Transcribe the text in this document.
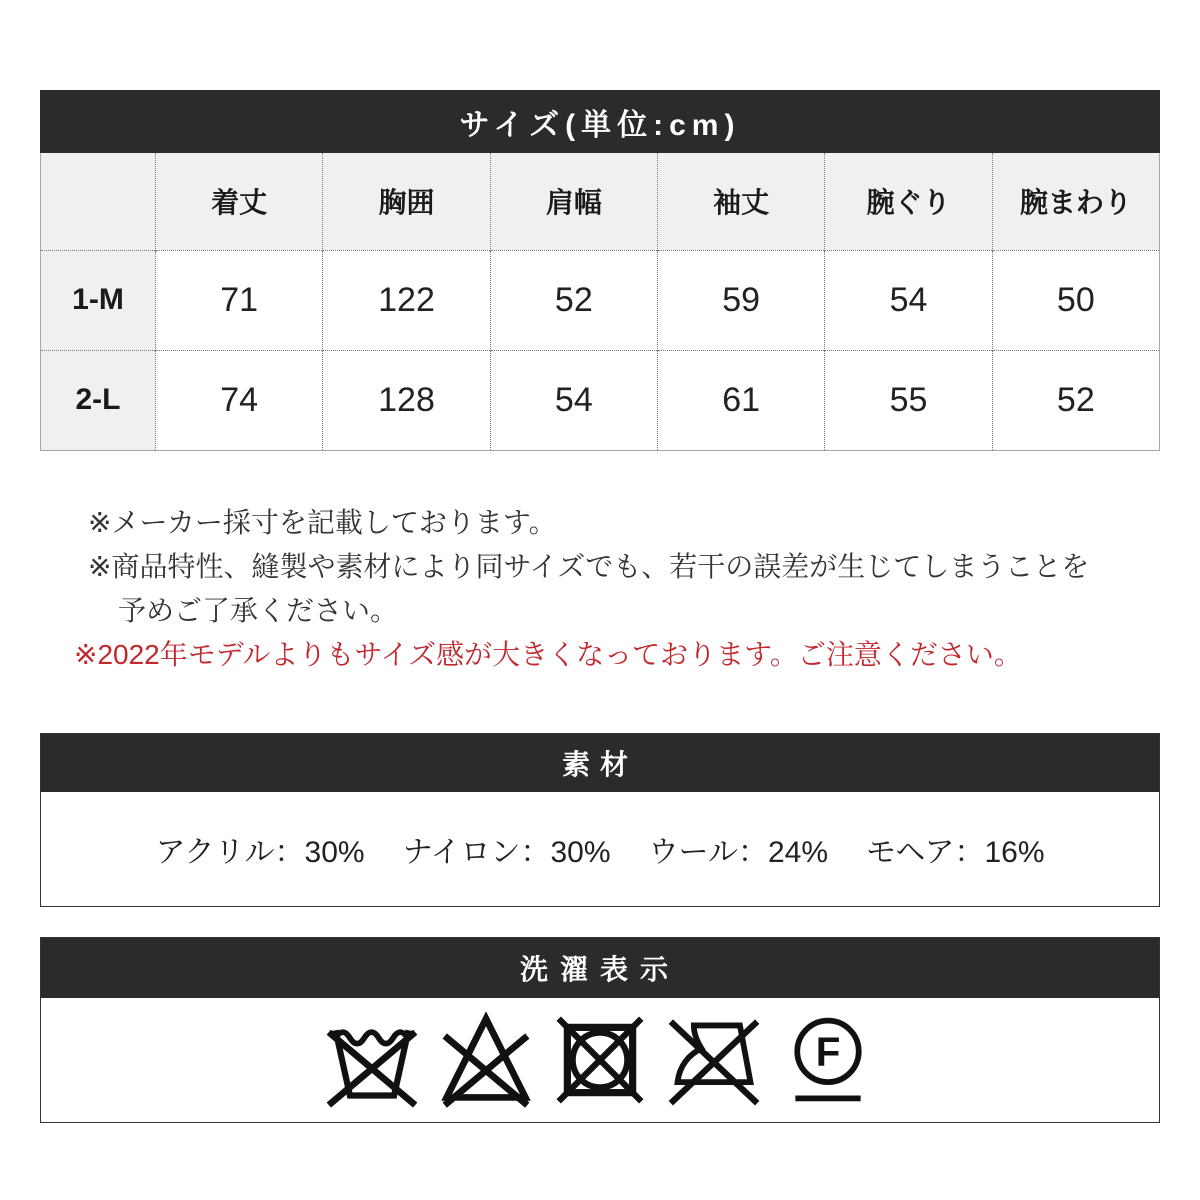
サイズ(単位:cm)
	着丈	胸囲	肩幅	袖丈	腕ぐり	腕まわり
1-M	71	122	52	59	54	50
2-L	74	128	54	61	55	52
※メーカー採寸を記載しております。
※商品特性、縫製や素材により同サイズでも、若干の誤差が生じてしまうことを
予めご了承ください。
※2022年モデルよりもサイズ感が大きくなっております。ご注意ください。
素材
アクリル：30% ナイロン：30% ウール：24% モヘア：16%
洗濯表示
F
